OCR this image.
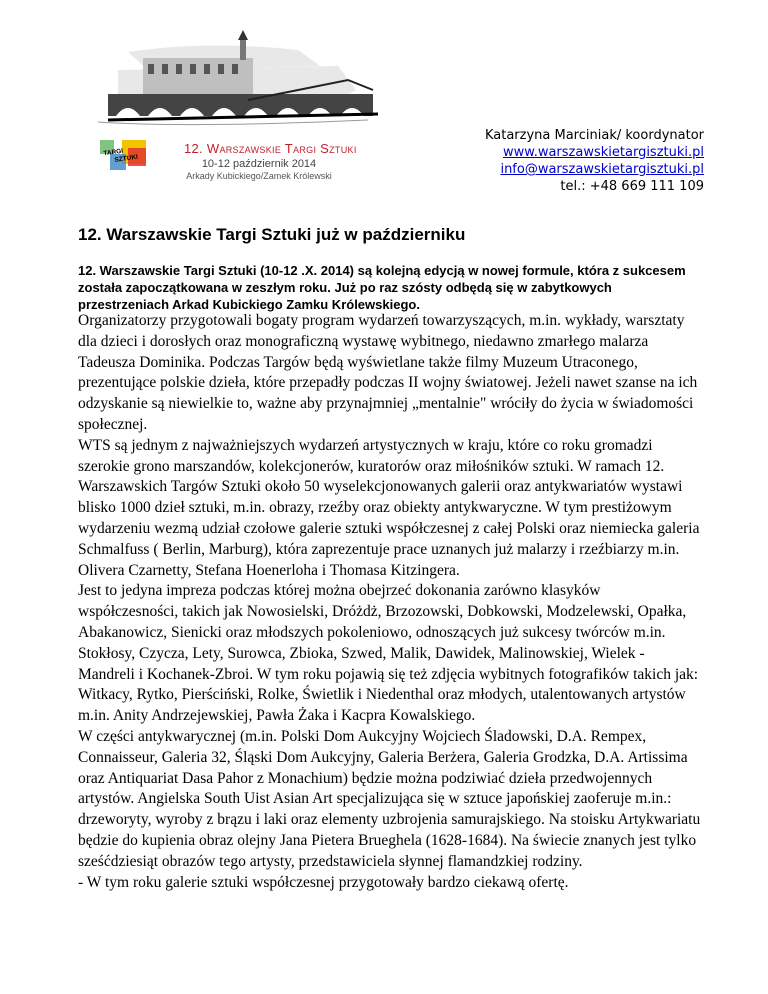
TARGI
SZTUKI
12. Warszawskie Targi Sztuki
10-12 październik 2014
Arkady Kubickiego/Zamek Królewski
Katarzyna Marciniak/ koordynator
www.warszawskietargisztuki.pl
info@warszawskietargisztuki.pl
tel.: +48 669 111 109
12. Warszawskie Targi Sztuki już w październiku
12. Warszawskie Targi Sztuki (10-12 .X. 2014) są kolejną edycją w nowej formule, która z sukcesem została zapoczątkowana w zeszłym roku. Już po raz szósty odbędą się w zabytkowych przestrzeniach Arkad Kubickiego Zamku Królewskiego.

Organizatorzy przygotowali bogaty program wydarzeń towarzyszących, m.in. wykłady, warsztaty dla dzieci i dorosłych oraz monograficzną wystawę wybitnego, niedawno zmarłego malarza Tadeusza Dominika. Podczas Targów będą wyświetlane także filmy Muzeum Utraconego, prezentujące polskie dzieła, które przepadły podczas II wojny światowej. Jeżeli nawet szanse na ich odzyskanie są niewielkie to, ważne aby przynajmniej „mentalnie" wróciły do życia w świadomości społecznej.

WTS są jednym z najważniejszych wydarzeń artystycznych w kraju, które co roku gromadzi szerokie grono marszandów, kolekcjonerów, kuratorów oraz miłośników sztuki. W ramach 12. Warszawskich Targów Sztuki około 50 wyselekcjonowanych galerii oraz antykwariatów wystawi blisko 1000 dzieł sztuki, m.in. obrazy, rzeźby oraz obiekty antykwaryczne. W tym prestiżowym wydarzeniu wezmą udział czołowe galerie sztuki współczesnej z całej Polski oraz niemiecka galeria Schmalfuss ( Berlin, Marburg), która zaprezentuje prace uznanych już malarzy i rzeźbiarzy m.in. Olivera Czarnetty, Stefana Hoenerloha i Thomasa Kitzingera.

Jest to jedyna impreza podczas której można obejrzeć dokonania zarówno klasyków współczesności, takich jak Nowosielski, Dróżdż, Brzozowski, Dobkowski, Modzelewski, Opałka, Abakanowicz, Sienicki oraz młodszych pokoleniowo, odnoszących już sukcesy twórców m.in. Stokłosy, Czycza, Lety, Surowca, Zbioka, Szwed, Malik, Dawidek, Malinowskiej, Wielek - Mandreli i Kochanek-Zbroi. W tym roku pojawią się też zdjęcia wybitnych fotografików takich jak: Witkacy, Rytko, Pierściński, Rolke, Świetlik i Niedenthal oraz młodych, utalentowanych artystów m.in. Anity Andrzejewskiej, Pawła Żaka i Kacpra Kowalskiego.

W części antykwarycznej (m.in. Polski Dom Aukcyjny Wojciech Śladowski, D.A. Rempex, Connaisseur, Galeria 32, Śląski Dom Aukcyjny, Galeria Berżera, Galeria Grodzka, D.A. Artissima oraz Antiquariat Dasa Pahor z Monachium) będzie można podziwiać dzieła przedwojennych artystów. Angielska South Uist Asian Art specjalizująca się w sztuce japońskiej zaoferuje m.in.: drzeworyty, wyroby z brązu i laki oraz elementy uzbrojenia samurajskiego. Na stoisku Artykwariatu będzie do kupienia obraz olejny Jana Pietera Brueghela (1628-1684). Na świecie znanych jest tylko sześćdziesiąt obrazów tego artysty, przedstawiciela słynnej flamandzkiej rodziny.

- W tym roku galerie sztuki współczesnej przygotowały bardzo ciekawą ofertę.
